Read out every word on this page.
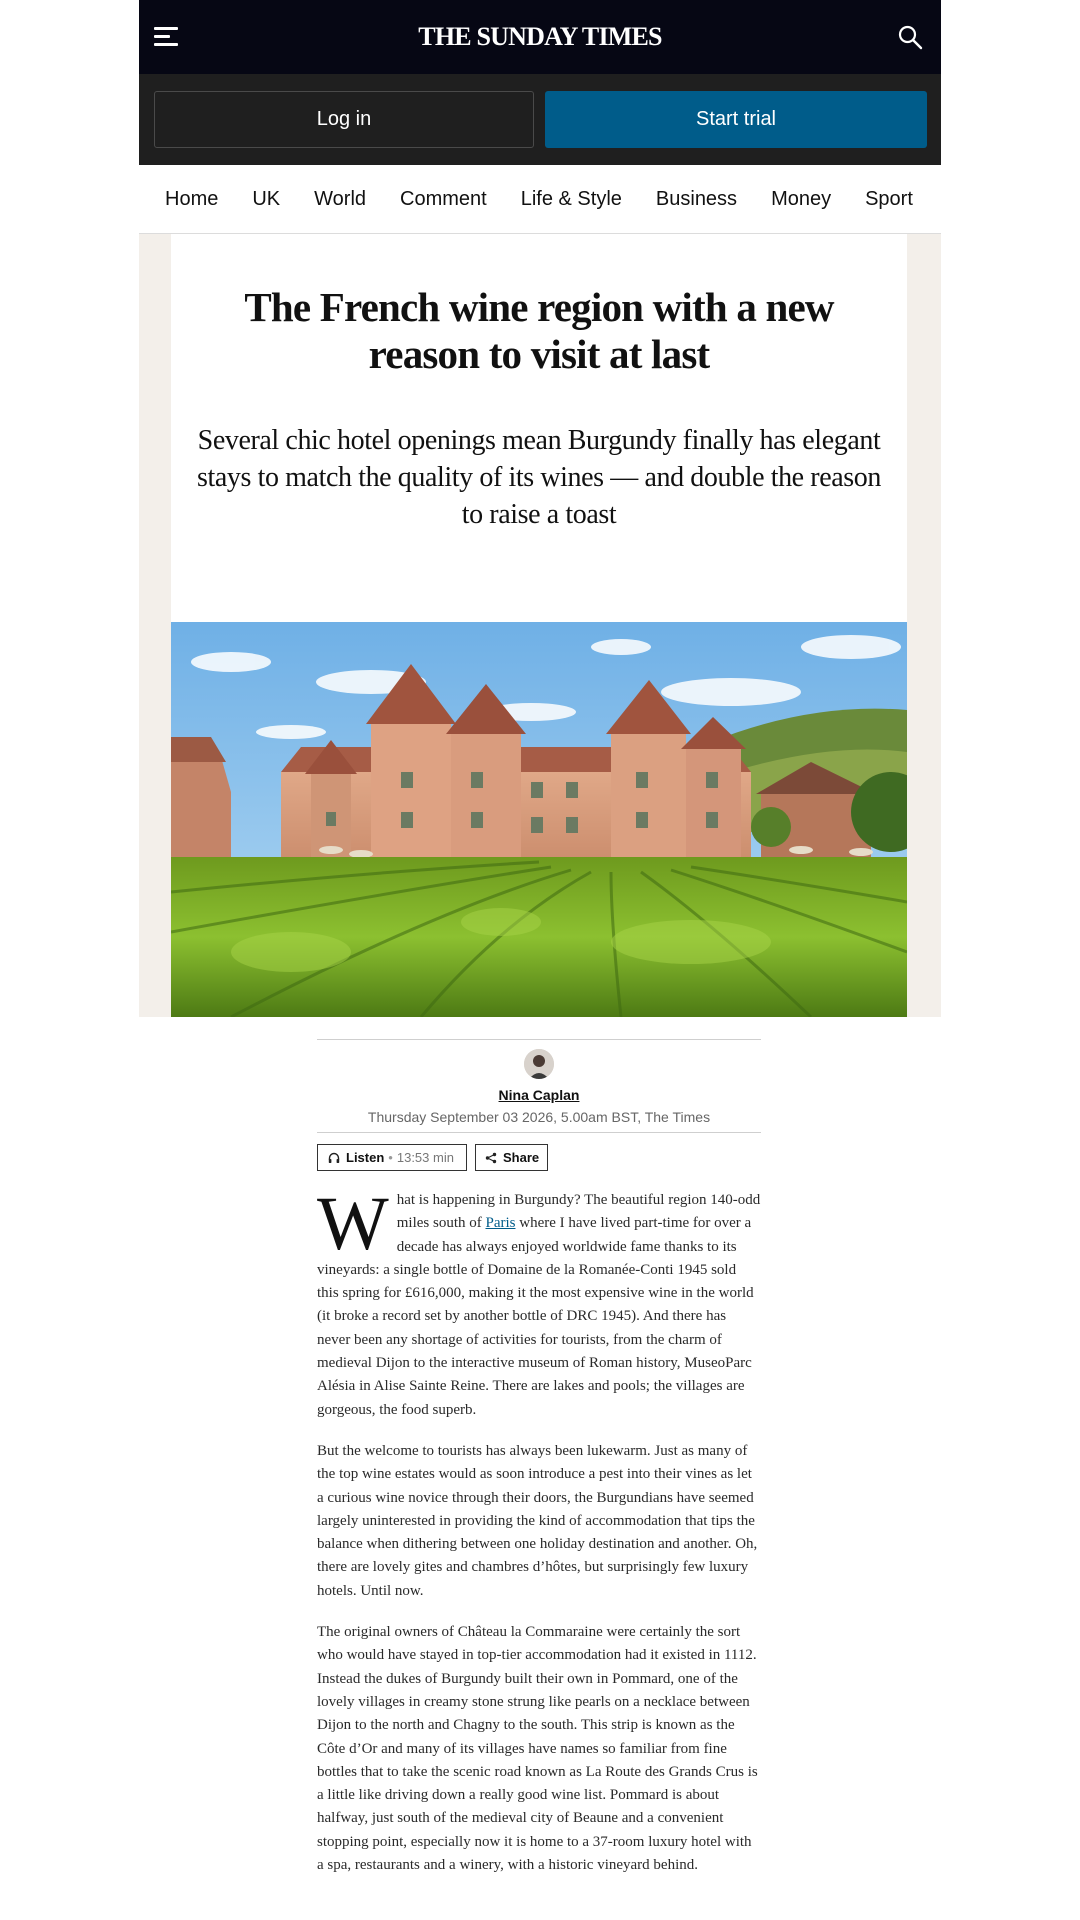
THE SUNDAY TIMES
Log in	Start trial
Home UK World Comment Life & Style Business Money Sport
The French wine region with a new reason to visit at last

Several chic hotel openings mean Burgundy finally has elegant stays to match the quality of its wines — and double the reason to raise a toast

Nina Caplan
Thursday September 03 2026, 5.00am BST, The Times
Listen • 13:53 min	Share

What is happening in Burgundy? The beautiful region 140-odd miles south of Paris where I have lived part-time for over a decade has always enjoyed worldwide fame thanks to its vineyards: a single bottle of Domaine de la Romanée-Conti 1945 sold this spring for £616,000, making it the most expensive wine in the world (it broke a record set by another bottle of DRC 1945). And there has never been any shortage of activities for tourists, from the charm of medieval Dijon to the interactive museum of Roman history, MuseoParc Alésia in Alise Sainte Reine. There are lakes and pools; the villages are gorgeous, the food superb.

But the welcome to tourists has always been lukewarm. Just as many of the top wine estates would as soon introduce a pest into their vines as let a curious wine novice through their doors, the Burgundians have seemed largely uninterested in providing the kind of accommodation that tips the balance when dithering between one holiday destination and another. Oh, there are lovely gites and chambres d’hôtes, but surprisingly few luxury hotels. Until now.

The original owners of Château la Commaraine were certainly the sort who would have stayed in top-tier accommodation had it existed in 1112. Instead the dukes of Burgundy built their own in Pommard, one of the lovely villages in creamy stone strung like pearls on a necklace between Dijon to the north and Chagny to the south. This strip is known as the Côte d’Or and many of its villages have names so familiar from fine bottles that to take the scenic road known as La Route des Grands Crus is a little like driving down a really good wine list. Pommard is about halfway, just south of the medieval city of Beaune and a convenient stopping point, especially now it is home to a 37-room luxury hotel with a spa, restaurants and a winery, with a historic vineyard behind.
